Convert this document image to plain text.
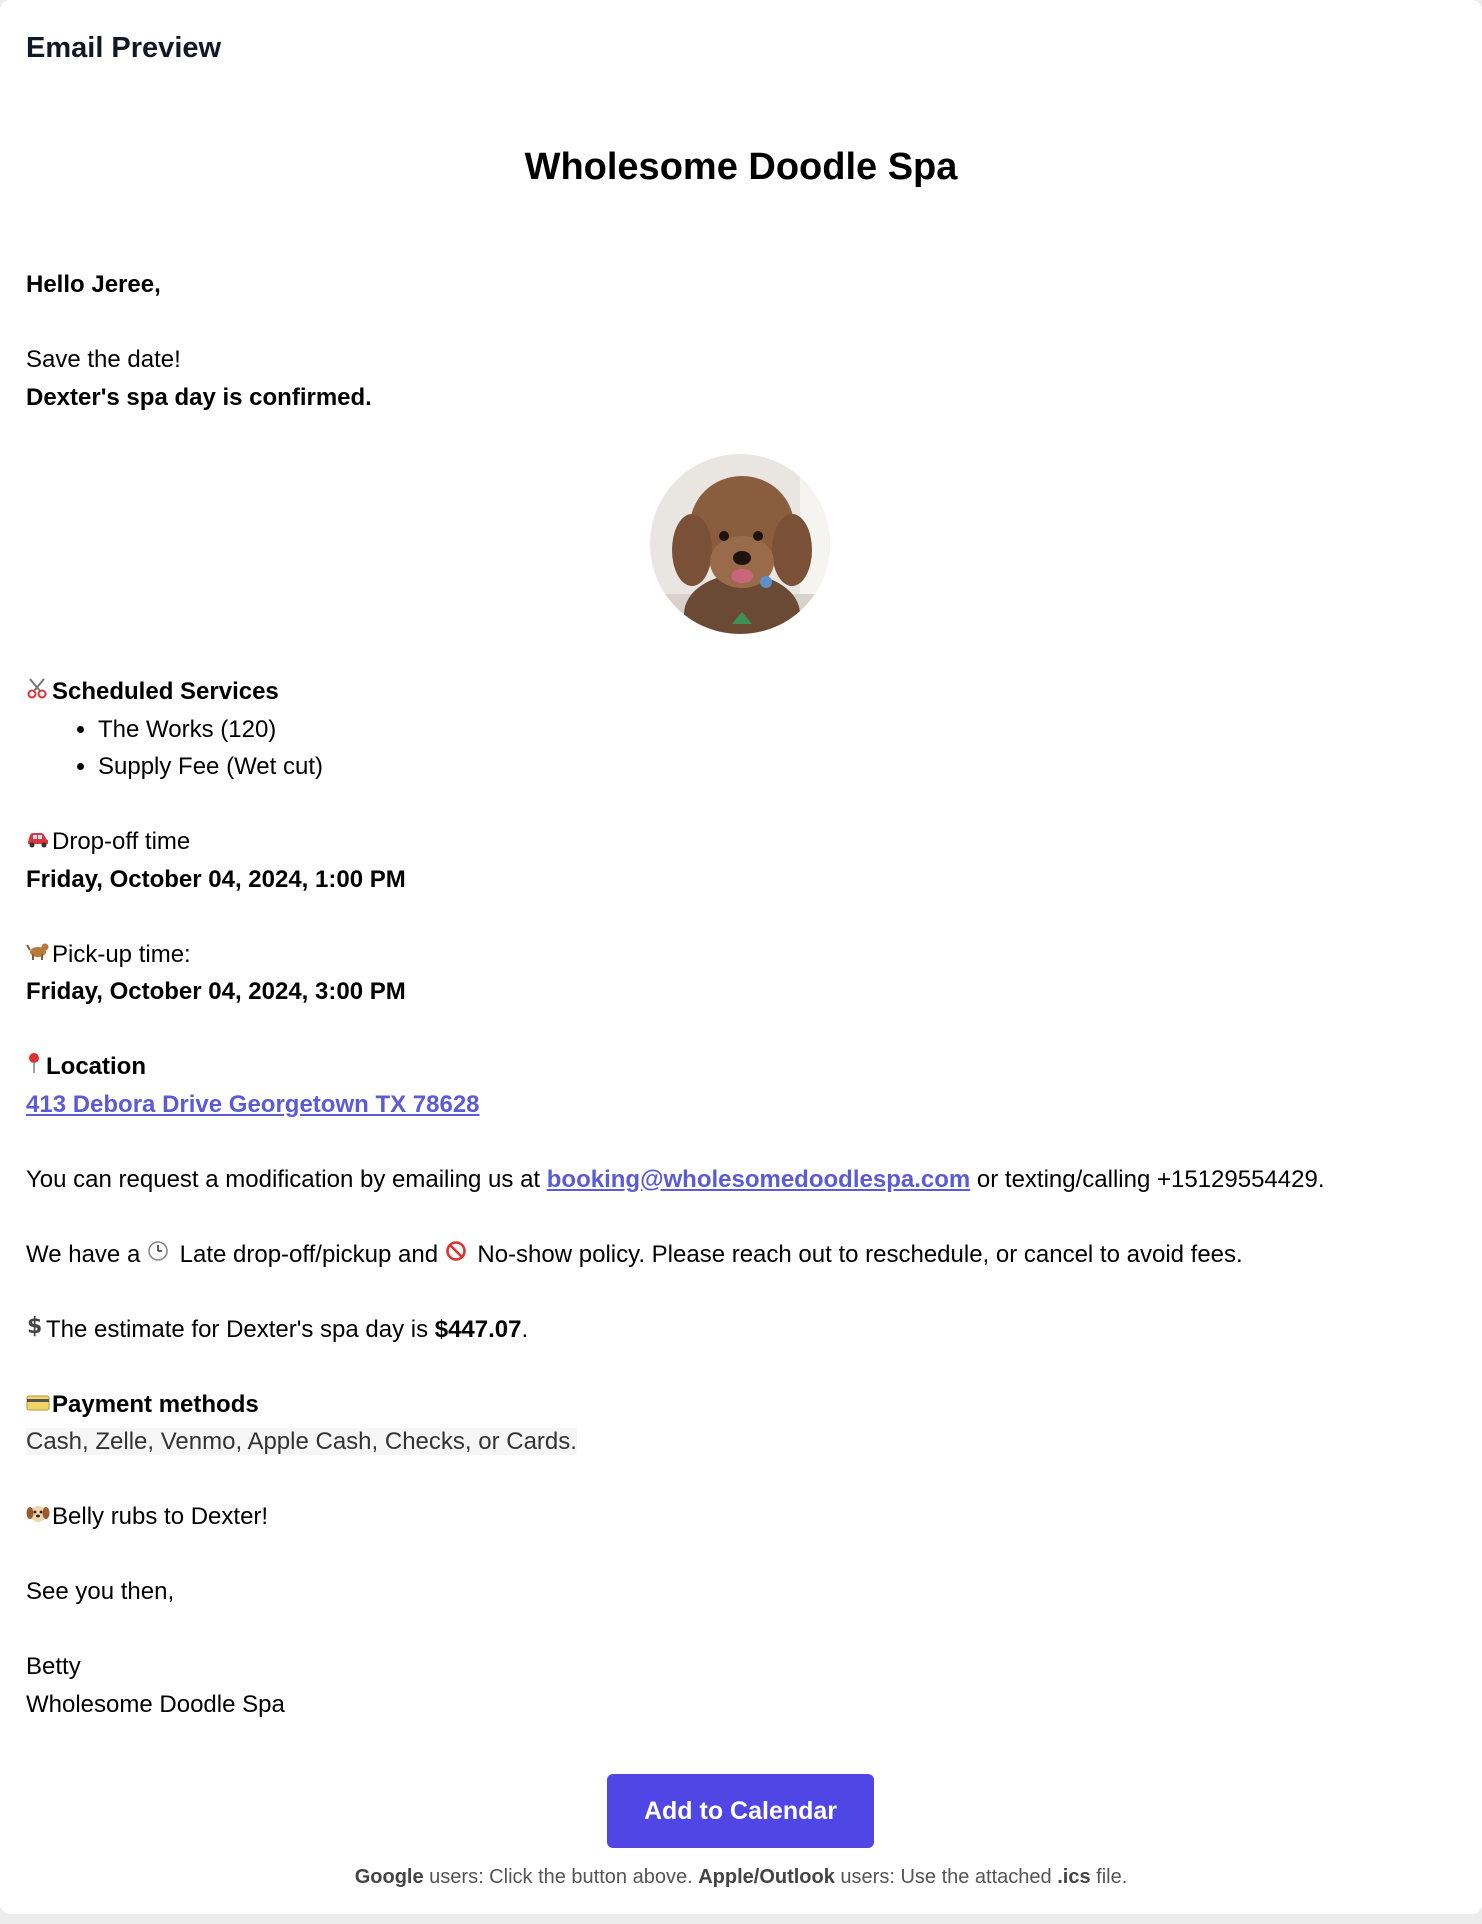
Email Preview
Wholesome Doodle Spa

Hello Jeree,

Save the date!

Dexter's spa day is confirmed.

Scheduled Services

• The Works (120)
• Supply Fee (Wet cut)

Drop-off time

Friday, October 04, 2024, 1:00 PM

Pick-up time:

Friday, October 04, 2024, 3:00 PM

Location

413 Debora Drive Georgetown TX 78628

You can request a modification by emailing us at booking@wholesomedoodlespa.com or texting/calling +15129554429.

We have a  Late drop-off/pickup and  No-show policy. Please reach out to reschedule, or cancel to avoid fees.

$ The estimate for Dexter's spa day is $447.07.

Payment methods

Cash, Zelle, Venmo, Apple Cash, Checks, or Cards.

Belly rubs to Dexter!

See you then,

Betty

Wholesome Doodle Spa

Add to Calendar
Google users: Click the button above. Apple/Outlook users: Use the attached .ics file.
